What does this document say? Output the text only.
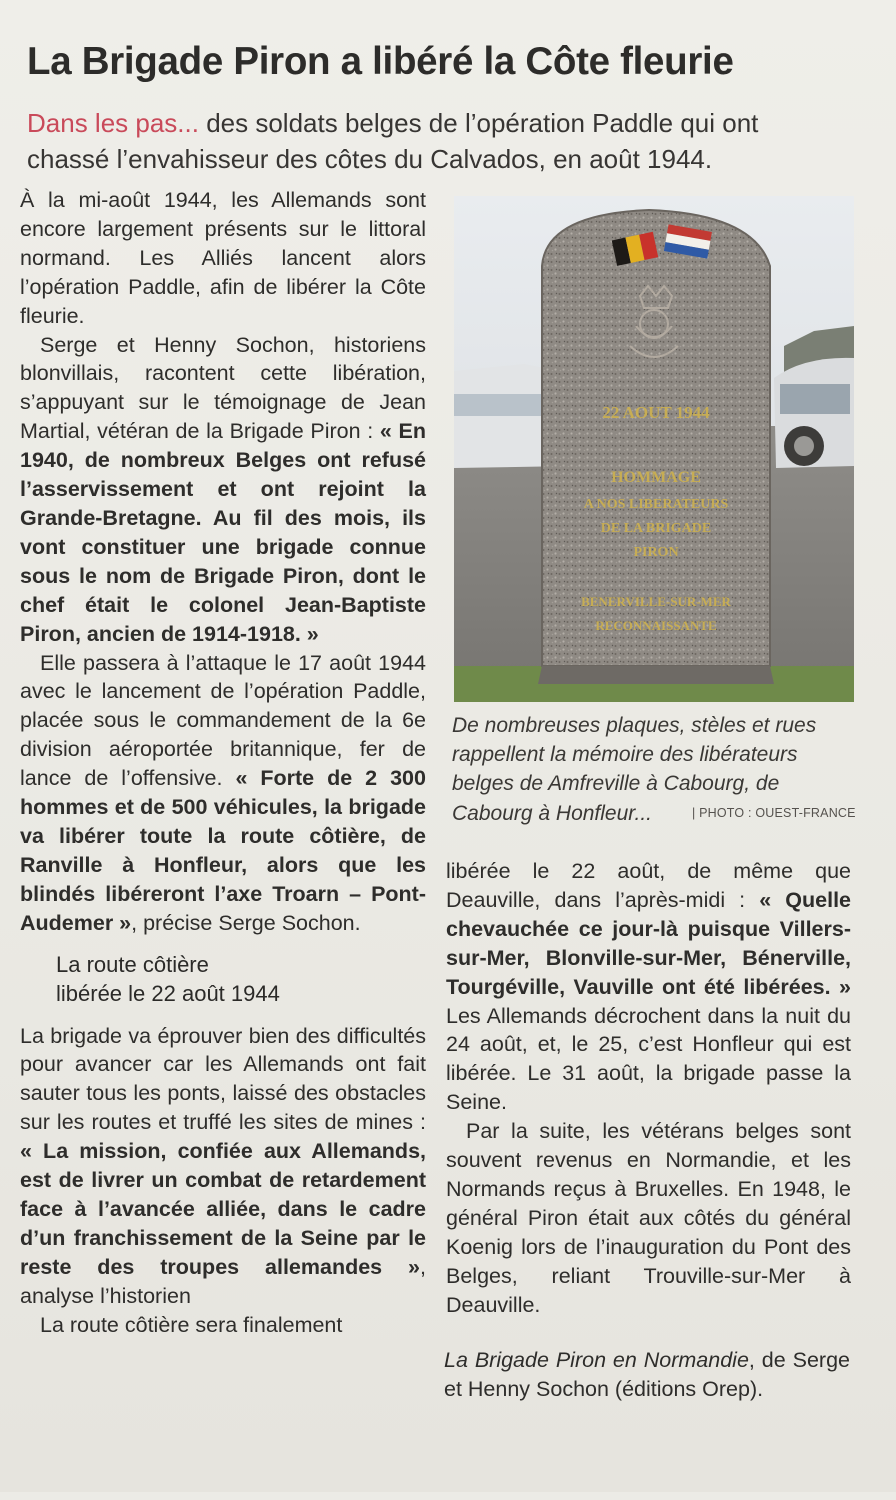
La Brigade Piron a libéré la Côte fleurie
Dans les pas... des soldats belges de l’opération Paddle qui ont chassé l’envahisseur des côtes du Calvados, en août 1944.

À la mi-août 1944, les Allemands sont encore largement présents sur le littoral normand. Les Alliés lancent alors l’opération Paddle, afin de libérer la Côte fleurie.

Serge et Henny Sochon, historiens blonvillais, racontent cette libération, s’appuyant sur le témoignage de Jean Martial, vétéran de la Brigade Piron : « En 1940, de nombreux Belges ont refusé l’asservissement et ont rejoint la Grande-Bretagne. Au fil des mois, ils vont constituer une brigade connue sous le nom de Brigade Piron, dont le chef était le colonel Jean-Baptiste Piron, ancien de 1914-1918. »

Elle passera à l’attaque le 17 août 1944 avec le lancement de l’opération Paddle, placée sous le commandement de la 6e division aéroportée britannique, fer de lance de l’offensive. « Forte de 2 300 hommes et de 500 véhicules, la brigade va libérer toute la route côtière, de Ranville à Honfleur, alors que les blindés libéreront l’axe Troarn – Pont-Audemer », précise Serge Sochon.

La route côtière
libérée le 22 août 1944

La brigade va éprouver bien des difficultés pour avancer car les Allemands ont fait sauter tous les ponts, laissé des obstacles sur les routes et truffé les sites de mines : « La mission, confiée aux Allemands, est de livrer un combat de retardement face à l’avancée alliée, dans le cadre d’un franchissement de la Seine par le reste des troupes allemandes », analyse l’historien

La route côtière sera finalement

22 AOUT 1944
HOMMAGE
A NOS LIBERATEURS
DE LA BRIGADE
PIRON
BENERVILLE-SUR-MER
RECONNAISSANTE
De nombreuses plaques, stèles et rues rappellent la mémoire des libérateurs belges de Amfreville à Cabourg, de Cabourg à Honfleur...	| PHOTO : OUEST-FRANCE

libérée le 22 août, de même que Deauville, dans l’après-midi : « Quelle chevauchée ce jour-là puisque Villers-sur-Mer, Blonville-sur-Mer, Bénerville, Tourgéville, Vauville ont été libérées. » Les Allemands décrochent dans la nuit du 24 août, et, le 25, c’est Honfleur qui est libérée. Le 31 août, la brigade passe la Seine.

Par la suite, les vétérans belges sont souvent revenus en Normandie, et les Normands reçus à Bruxelles. En 1948, le général Piron était aux côtés du général Koenig lors de l’inauguration du Pont des Belges, reliant Trouville-sur-Mer à Deauville.

La Brigade Piron en Normandie, de Serge et Henny Sochon (éditions Orep).
